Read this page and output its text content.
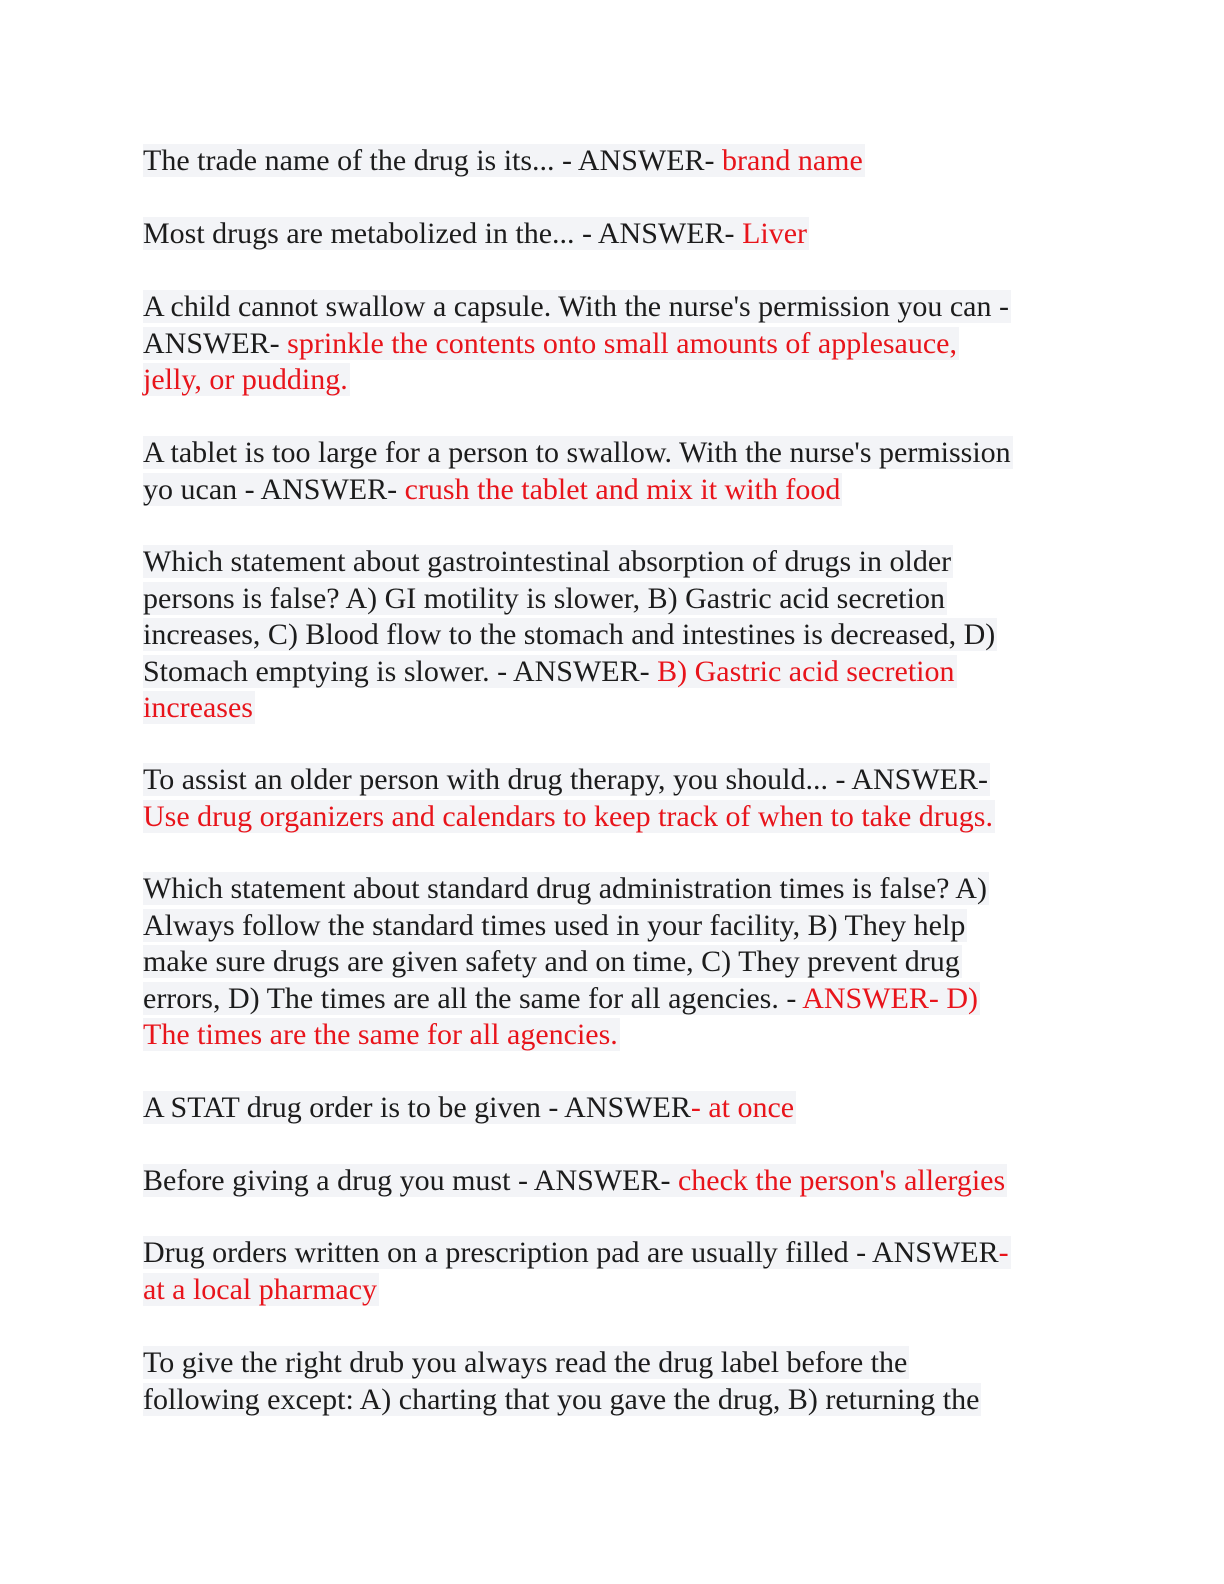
The trade name of the drug is its... - ANSWER- brand name

Most drugs are metabolized in the... - ANSWER- Liver

A child cannot swallow a capsule. With the nurse's permission you can -
ANSWER- sprinkle the contents onto small amounts of applesauce,
jelly, or pudding.

A tablet is too large for a person to swallow. With the nurse's permission
yo ucan - ANSWER- crush the tablet and mix it with food

Which statement about gastrointestinal absorption of drugs in older
persons is false? A) GI motility is slower, B) Gastric acid secretion
increases, C) Blood flow to the stomach and intestines is decreased, D)
Stomach emptying is slower. - ANSWER- B) Gastric acid secretion
increases

To assist an older person with drug therapy, you should... - ANSWER-
Use drug organizers and calendars to keep track of when to take drugs.

Which statement about standard drug administration times is false? A)
Always follow the standard times used in your facility, B) They help
make sure drugs are given safety and on time, C) They prevent drug
errors, D) The times are all the same for all agencies. - ANSWER- D)
The times are the same for all agencies.

A STAT drug order is to be given - ANSWER- at once

Before giving a drug you must - ANSWER- check the person's allergies

Drug orders written on a prescription pad are usually filled - ANSWER-
at a local pharmacy

To give the right drub you always read the drug label before the
following except: A) charting that you gave the drug, B) returning the
